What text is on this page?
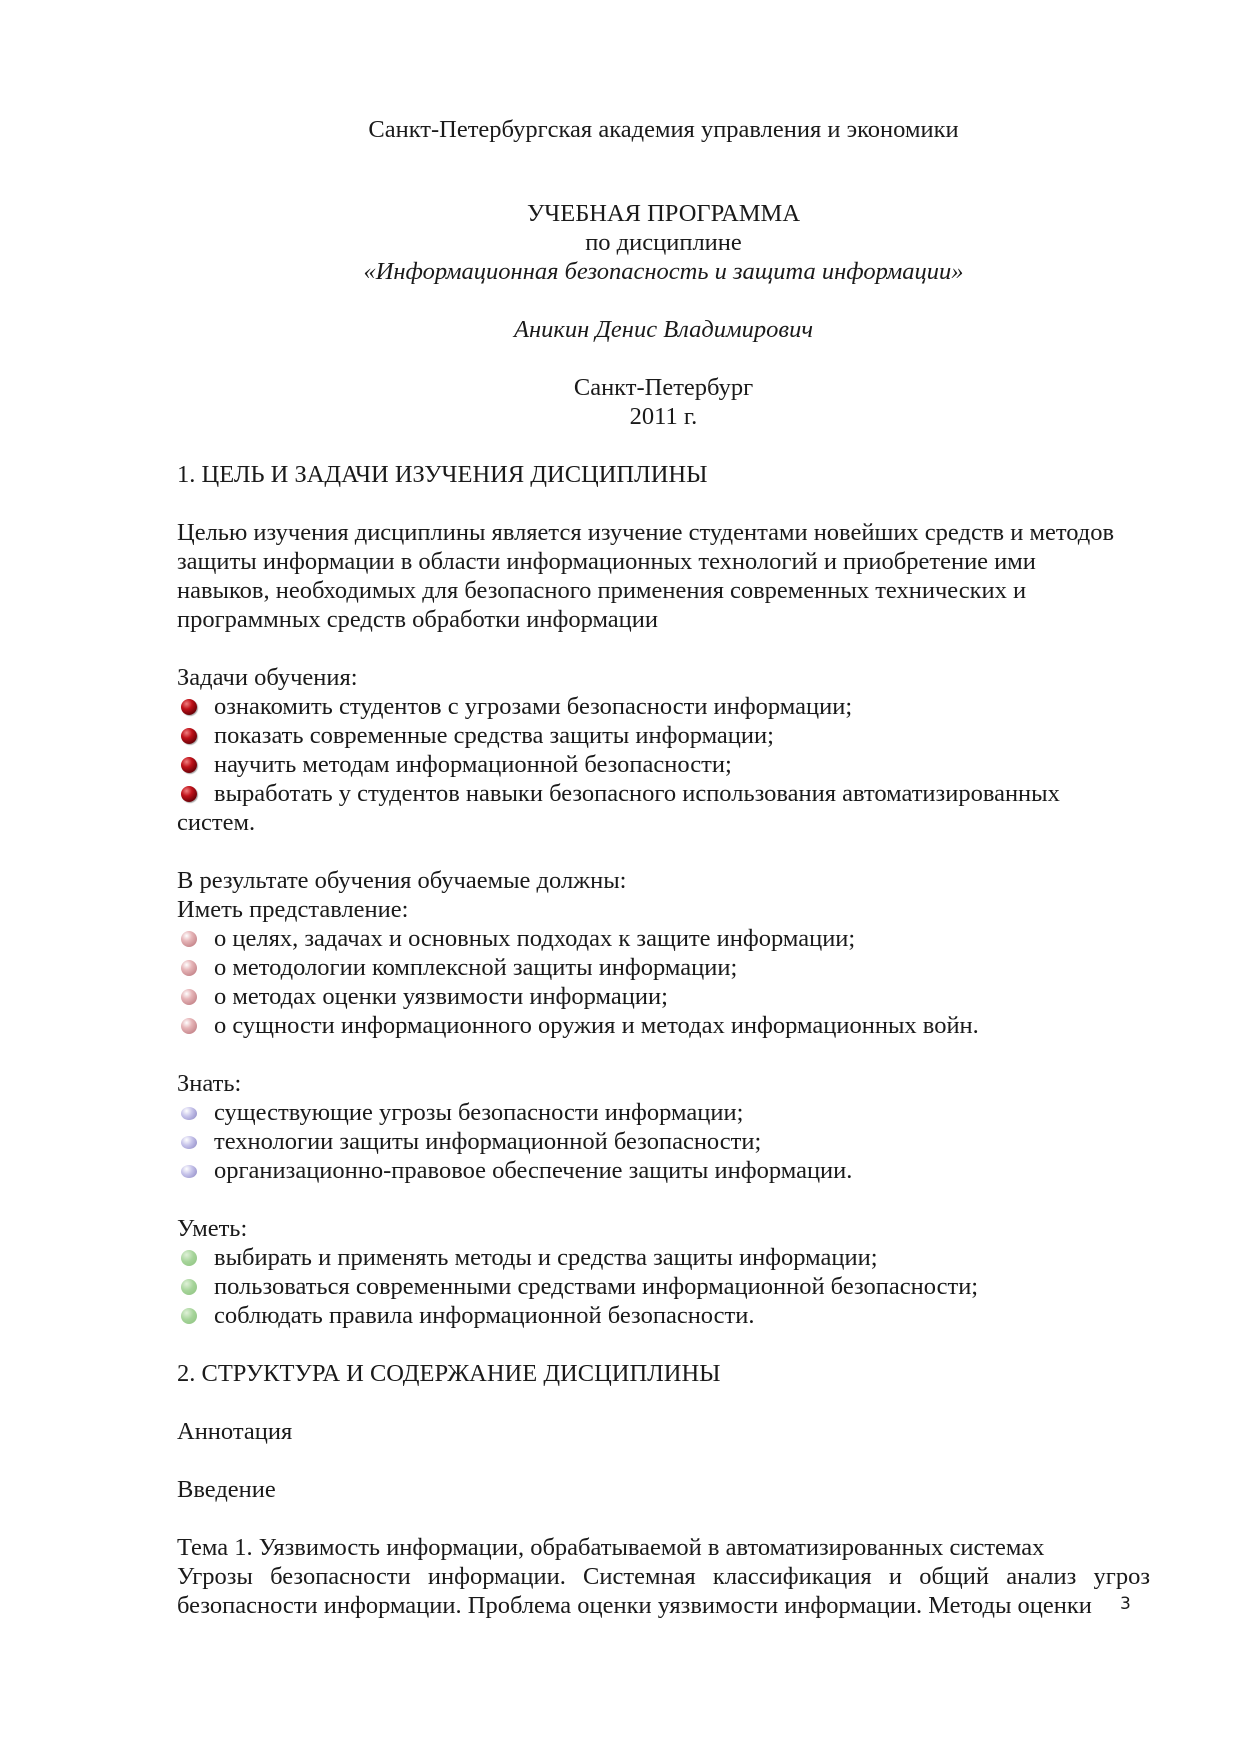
Санкт-Петербургская академия управления и экономики

УЧЕБНАЯ ПРОГРАММА

по дисциплине

«Информационная безопасность и защита информации»

Аникин Денис Владимирович

Санкт-Петербург

2011 г.

1. ЦЕЛЬ И ЗАДАЧИ ИЗУЧЕНИЯ ДИСЦИПЛИНЫ

Целью изучения дисциплины является изучение студентами новейших средств и методов

защиты информации в области информационных технологий и приобретение ими

навыков, необходимых для безопасного применения современных технических и

программных средств обработки информации

Задачи обучения:

ознакомить студентов с угрозами безопасности информации;
показать современные средства защиты информации;
научить методам информационной безопасности;
выработать у студентов навыки безопасного использования автоматизированных

систем.

В результате обучения обучаемые должны:

Иметь представление:

о целях, задачах и основных подходах к защите информации;
о методологии комплексной защиты информации;
о методах оценки уязвимости информации;
о сущности информационного оружия и методах информационных войн.

Знать:

существующие угрозы безопасности информации;
технологии защиты информационной безопасности;
организационно-правовое обеспечение защиты информации.

Уметь:

выбирать и применять методы и средства защиты информации;
пользоваться современными средствами информационной безопасности;
соблюдать правила информационной безопасности.

2. СТРУКТУРА И СОДЕРЖАНИЕ ДИСЦИПЛИНЫ

Аннотация

Введение

Тема 1. Уязвимость информации, обрабатываемой в автоматизированных системах

Угрозы безопасности информации. Системная классификация и общий анализ угроз безопасности информации. Проблема оценки уязвимости информации. Методы оценки	3
